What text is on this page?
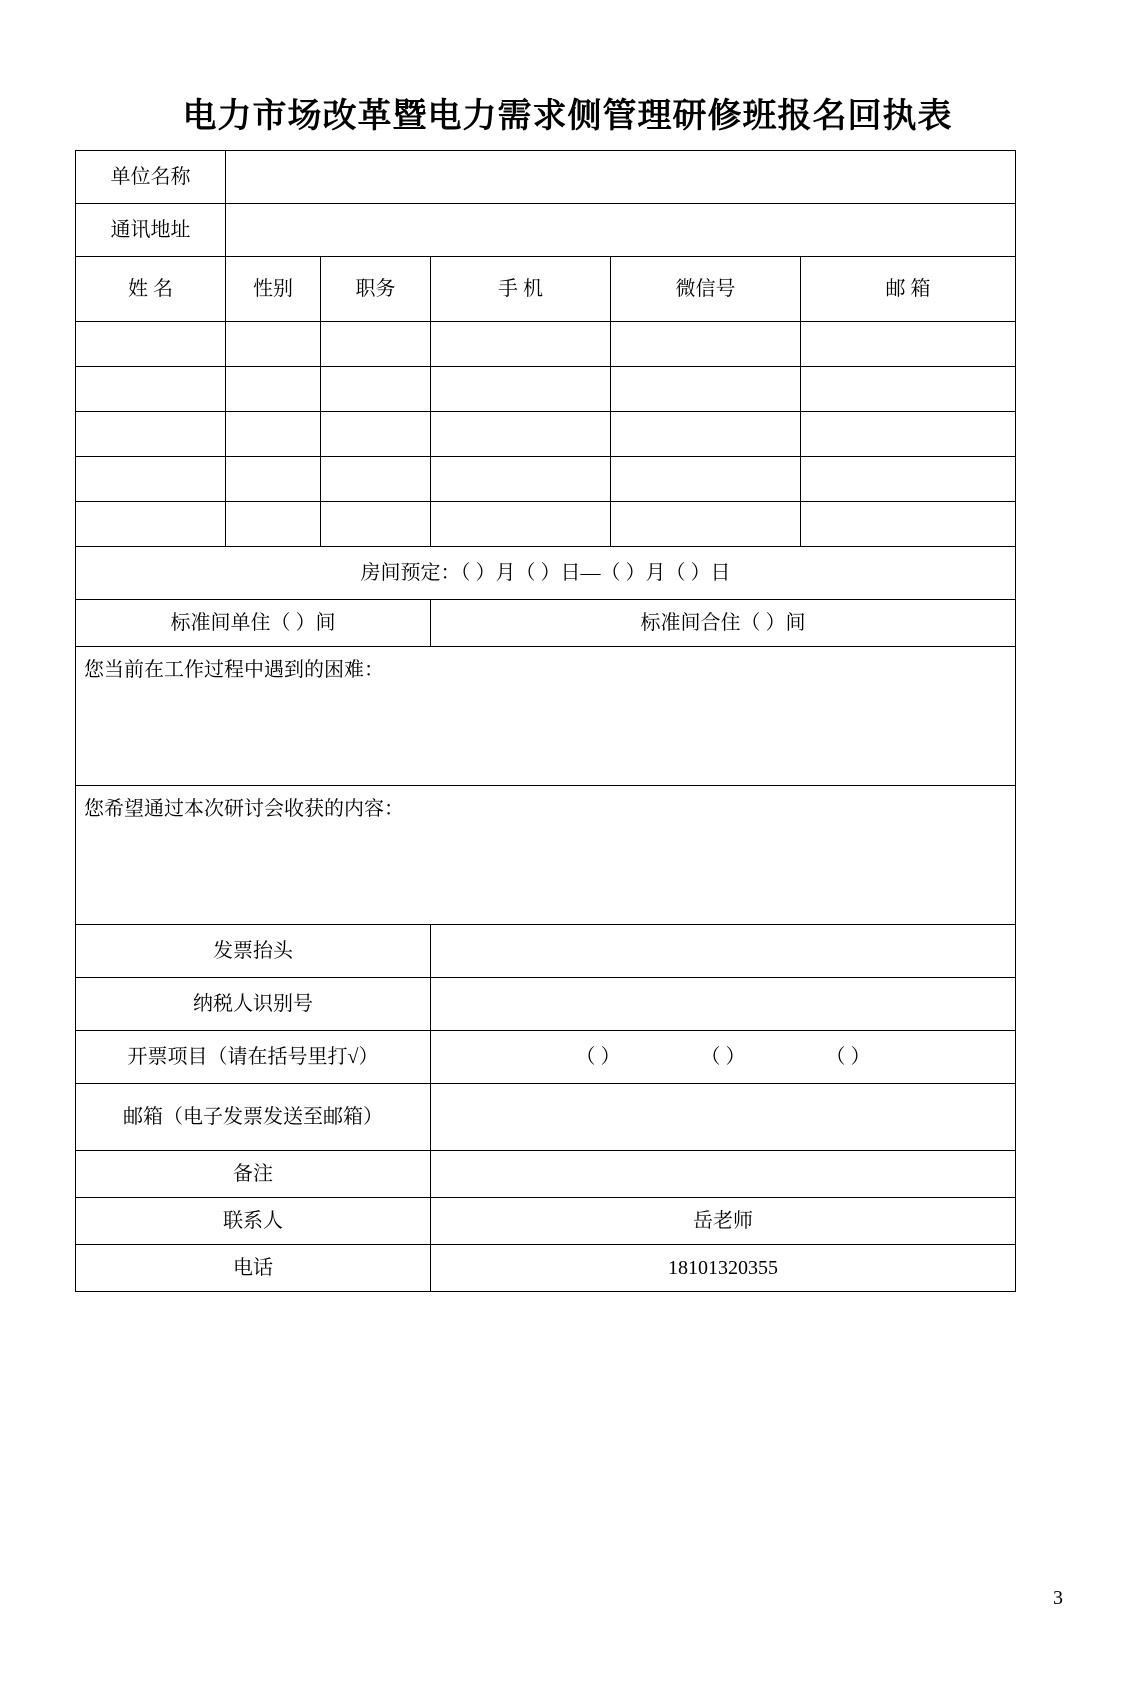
电力市场改革暨电力需求侧管理研修班报名回执表
单位名称					
通讯地址					
姓 名	性别	职务	手 机	微信号	邮 箱

房间预定：（ ）月（ ）日—（ ）月（ ）日					
标准间单住（ ）间			标准间合住（ ）间		
您当前在工作过程中遇到的困难：					
您希望通过本次研讨会收获的内容：					
发票抬头					
纳税人识别号					
开票项目（请在括号里打√）			（ ）　　　　　（ ）　　　　　（ ）		
邮箱（电子发票发送至邮箱）					
备注					
联系人			岳老师		
电话			18101320355		
3
